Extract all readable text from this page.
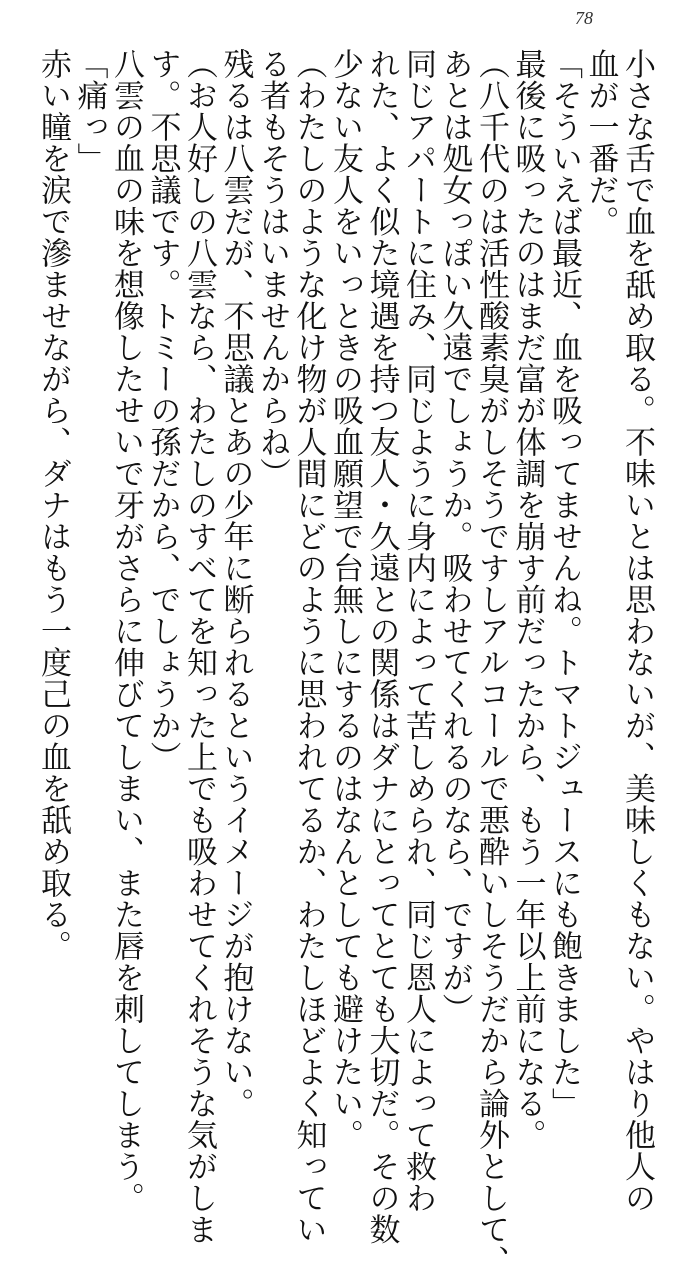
78
小さな舌で血を舐め取る。不味いとは思わないが、美味しくもない。やはり他人の
血が一番だ。
「そういえば最近、血を吸ってませんね。トマトジュースにも飽きました」
最後に吸ったのはまだ富が体調を崩す前だったから、もう一年以上前になる。
（八千代のは活性酸素臭がしそうですしアルコールで悪酔いしそうだから論外として、
あとは処女っぽい久遠でしょうか。吸わせてくれるのなら、ですが）
同じアパートに住み、同じように身内によって苦しめられ、同じ恩人によって救わ
れた、よく似た境遇を持つ友人・久遠との関係はダナにとってとても大切だ。その数
少ない友人をいっときの吸血願望で台無しにするのはなんとしても避けたい。
（わたしのような化け物が人間にどのように思われてるか、わたしほどよく知ってい
る者もそうはいませんからね）
残るは八雲だが、不思議とあの少年に断られるというイメージが抱けない。
（お人好しの八雲なら、わたしのすべてを知った上でも吸わせてくれそうな気がしま
す。不思議です。トミーの孫だから、でしょうか）
八雲の血の味を想像したせいで牙がさらに伸びてしまい、また唇を刺してしまう。
「痛っ」
赤い瞳を涙で滲ませながら、ダナはもう一度己の血を舐め取る。
